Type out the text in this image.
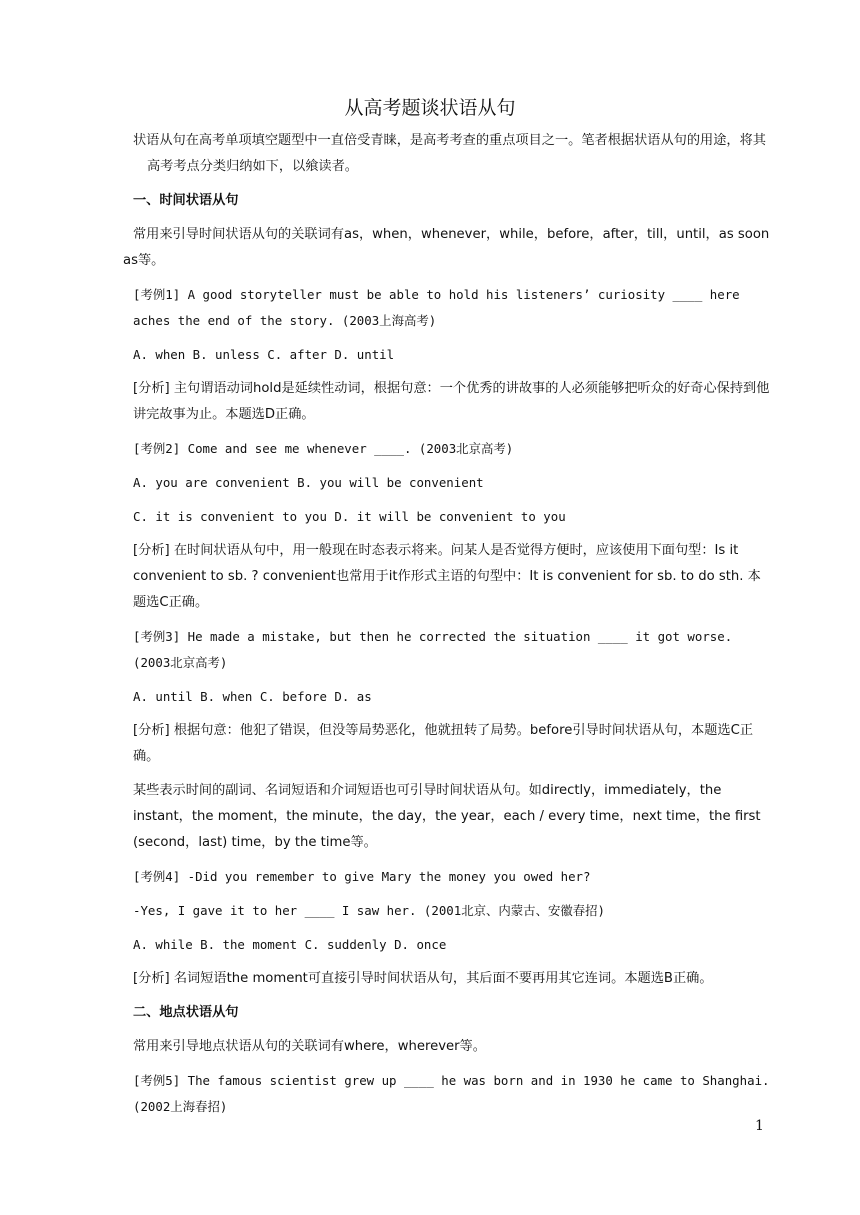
从高考题谈状语从句

状语从句在高考单项填空题型中一直倍受青睐，是高考考查的重点项目之一。笔者根据状语从句的用途，将其高考考点分类归纳如下，以飨读者。

一、时间状语从句

常用来引导时间状语从句的关联词有as，when，whenever，while，before，after，till，until，as soon as等。

[考例1] A good storyteller must be able to hold his listeners’ curiosity ____ here aches the end of the story. (2003上海高考)

A. when B. unless C. after D. until

[分析] 主句谓语动词hold是延续性动词，根据句意：一个优秀的讲故事的人必须能够把听众的好奇心保持到他讲完故事为止。本题选D正确。

[考例2] Come and see me whenever ____. (2003北京高考)

A. you are convenient B. you will be convenient

C. it is convenient to you D. it will be convenient to you

[分析] 在时间状语从句中，用一般现在时态表示将来。问某人是否觉得方便时，应该使用下面句型：Is it convenient to sb. ? convenient也常用于it作形式主语的句型中：It is convenient for sb. to do sth. 本题选C正确。

[考例3] He made a mistake, but then he corrected the situation ____ it got worse. (2003北京高考)

A. until B. when C. before D. as

[分析] 根据句意：他犯了错误，但没等局势恶化，他就扭转了局势。before引导时间状语从句，本题选C正确。

某些表示时间的副词、名词短语和介词短语也可引导时间状语从句。如directly，immediately，the instant，the moment，the minute，the day，the year，each / every time，next time，the first (second，last) time，by the time等。

[考例4] -Did you remember to give Mary the money you owed her?

-Yes, I gave it to her ____ I saw her. (2001北京、内蒙古、安徽春招)

A. while B. the moment C. suddenly D. once

[分析] 名词短语the moment可直接引导时间状语从句，其后面不要再用其它连词。本题选B正确。

二、地点状语从句

常用来引导地点状语从句的关联词有where，wherever等。

[考例5] The famous scientist grew up ____ he was born and in 1930 he came to Shanghai. (2002上海春招)

1
